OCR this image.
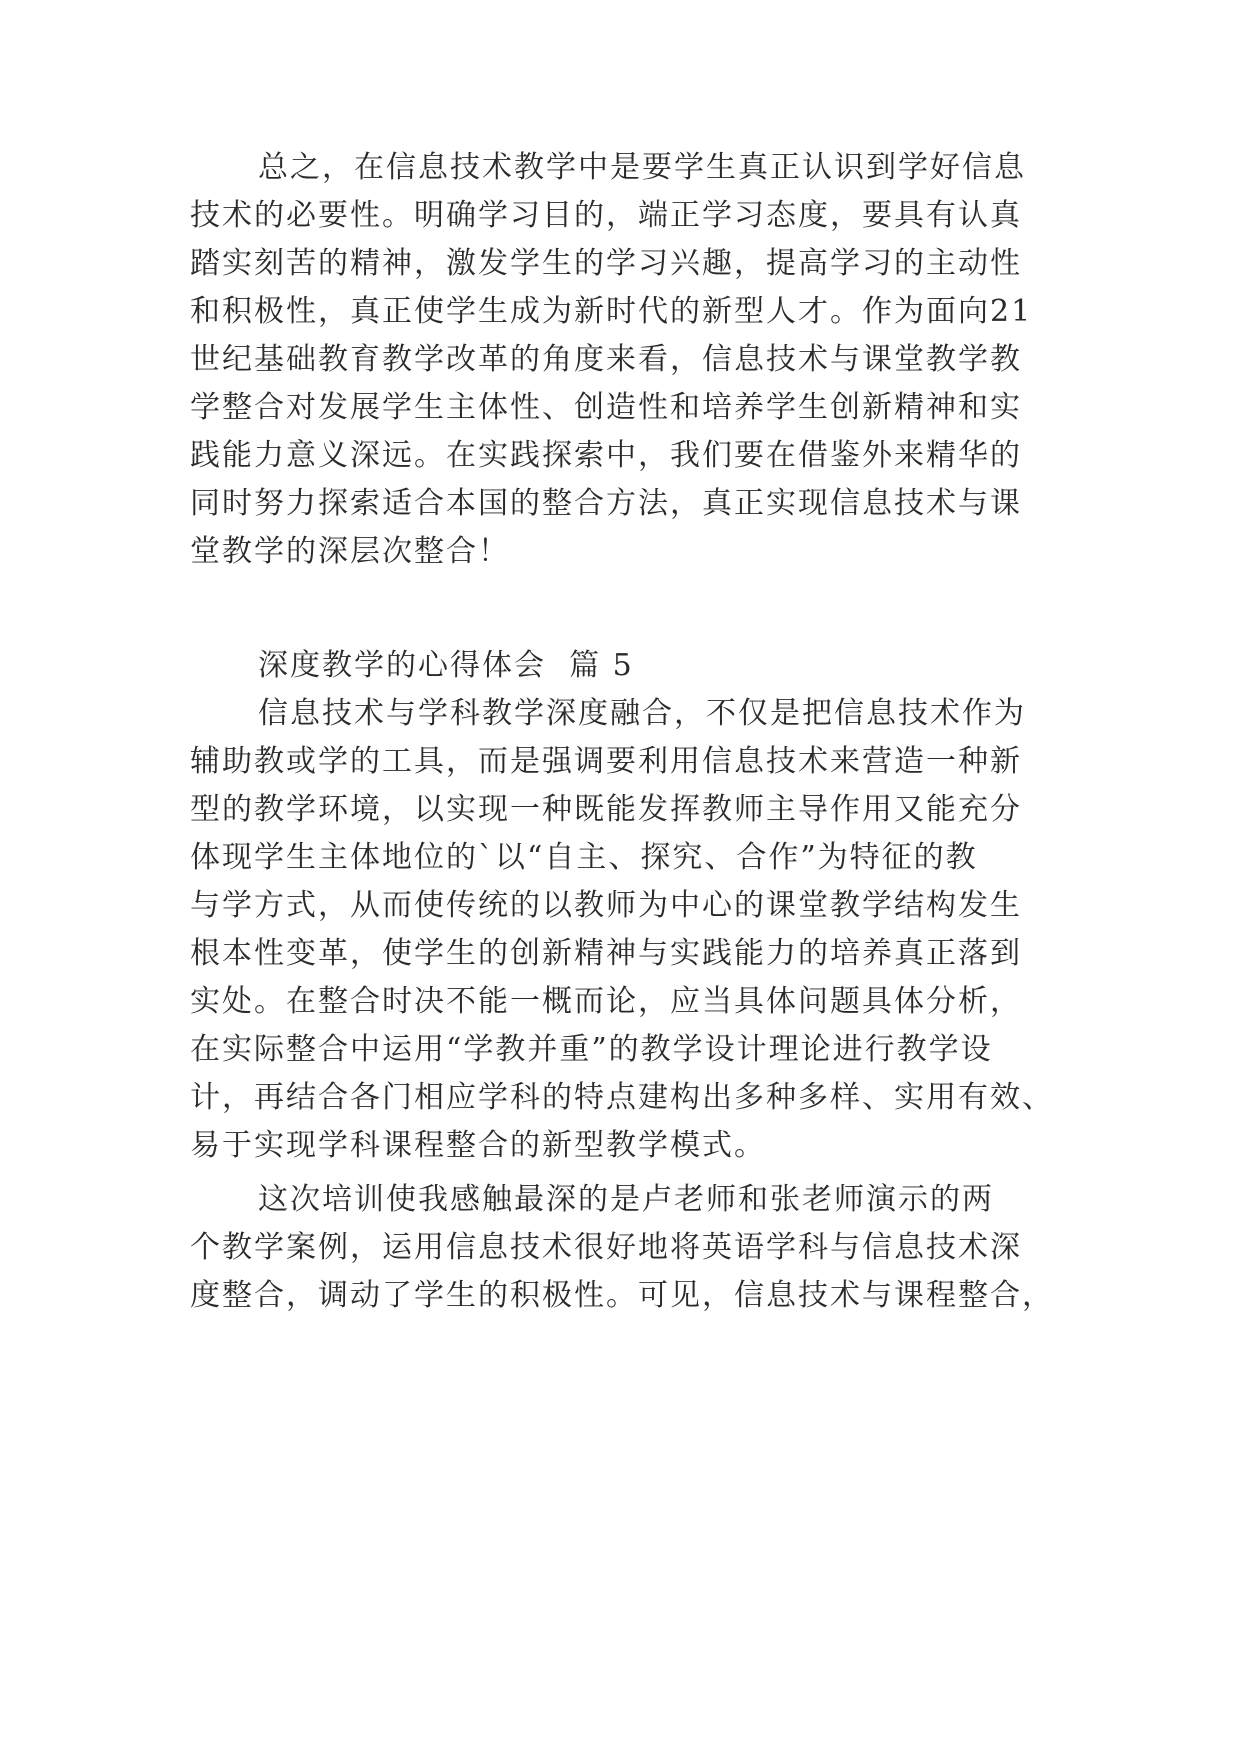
总之，在信息技术教学中是要学生真正认识到学好信息
技术的必要性。明确学习目的，端正学习态度，要具有认真
踏实刻苦的精神，激发学生的学习兴趣，提高学习的主动性
和积极性，真正使学生成为新时代的新型人才。作为面向21
世纪基础教育教学改革的角度来看，信息技术与课堂教学教
学整合对发展学生主体性、创造性和培养学生创新精神和实
践能力意义深远。在实践探索中，我们要在借鉴外来精华的
同时努力探索适合本国的整合方法，真正实现信息技术与课
堂教学的深层次整合！
深度教学的心得体会  篇 5
信息技术与学科教学深度融合，不仅是把信息技术作为
辅助教或学的工具，而是强调要利用信息技术来营造一种新
型的教学环境，以实现一种既能发挥教师主导作用又能充分
体现学生主体地位的`以“自主、探究、合作”为特征的教
与学方式，从而使传统的以教师为中心的课堂教学结构发生
根本性变革，使学生的创新精神与实践能力的培养真正落到
实处。在整合时决不能一概而论，应当具体问题具体分析，
在实际整合中运用“学教并重”的教学设计理论进行教学设
计，再结合各门相应学科的特点建构出多种多样、实用有效、
易于实现学科课程整合的新型教学模式。
这次培训使我感触最深的是卢老师和张老师演示的两
个教学案例，运用信息技术很好地将英语学科与信息技术深
度整合，调动了学生的积极性。可见，信息技术与课程整合，
